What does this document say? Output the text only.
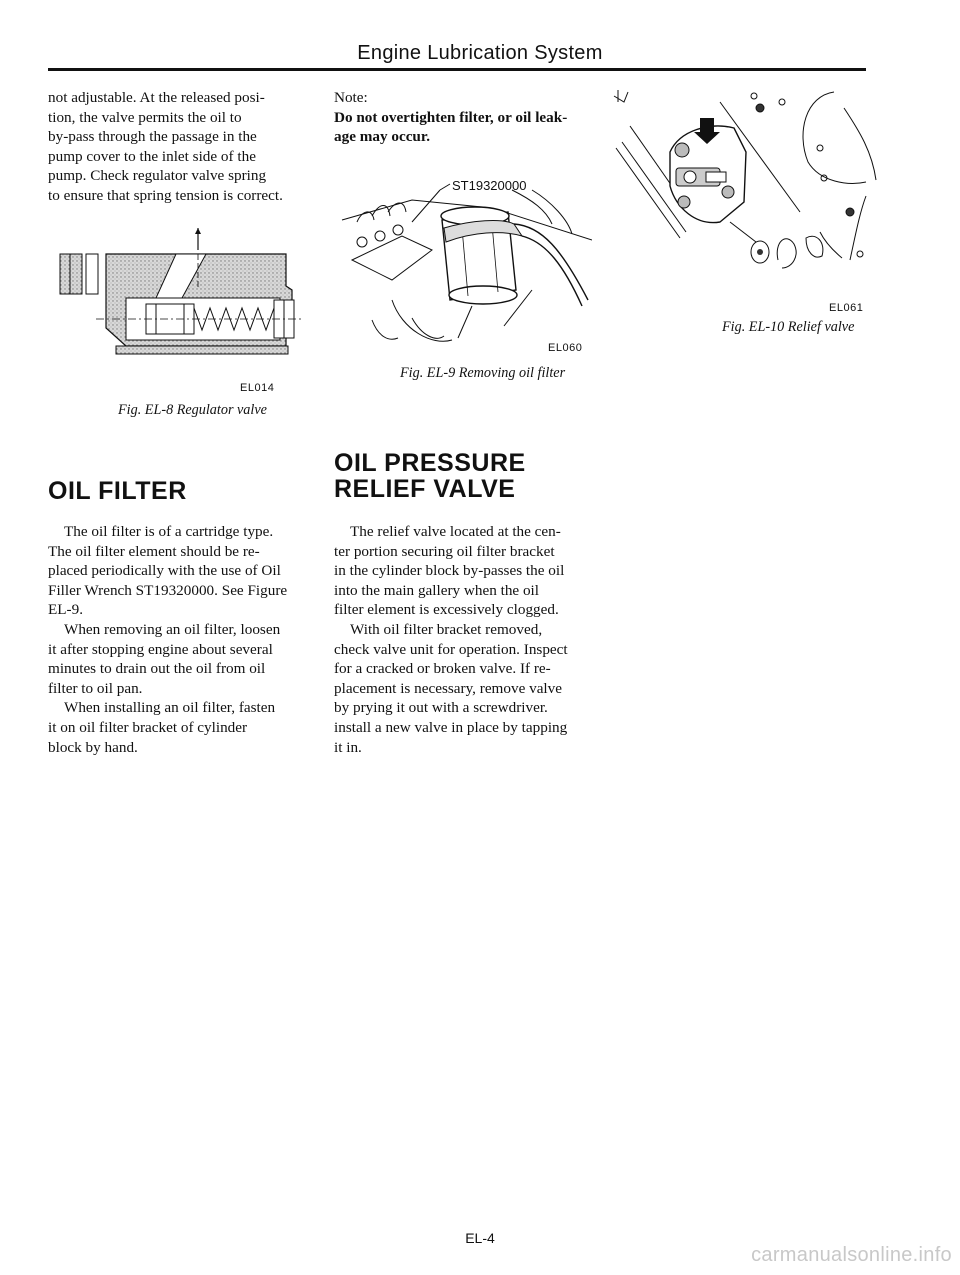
Engine Lubrication System
not adjustable. At the released posi-
tion, the valve permits the oil to
by-pass through the passage in the
pump cover to the inlet side of the
pump. Check regulator valve spring
to ensure that spring tension is correct.
EL014
Fig. EL-8 Regulator valve
OIL FILTER
The oil filter is of a cartridge type.
The oil filter element should be re-
placed periodically with the use of Oil
Filler Wrench ST19320000. See Figure
EL-9.
When removing an oil filter, loosen
it after stopping engine about several
minutes to drain out the oil from oil
filter to oil pan.
When installing an oil filter, fasten
it on oil filter bracket of cylinder
block by hand.
Note:
Do not overtighten filter, or oil leak-
age may occur.
ST19320000
EL060
Fig. EL-9 Removing oil filter
OIL PRESSURE
RELIEF VALVE
The relief valve located at the cen-
ter portion securing oil filter bracket
in the cylinder block by-passes the oil
into the main gallery when the oil
filter element is excessively clogged.
With oil filter bracket removed,
check valve unit for operation. Inspect
for a cracked or broken valve. If re-
placement is necessary, remove valve
by prying it out with a screwdriver.
install a new valve in place by tapping
it in.
EL061
Fig. EL-10 Relief valve
EL-4
carmanualsonline.info
